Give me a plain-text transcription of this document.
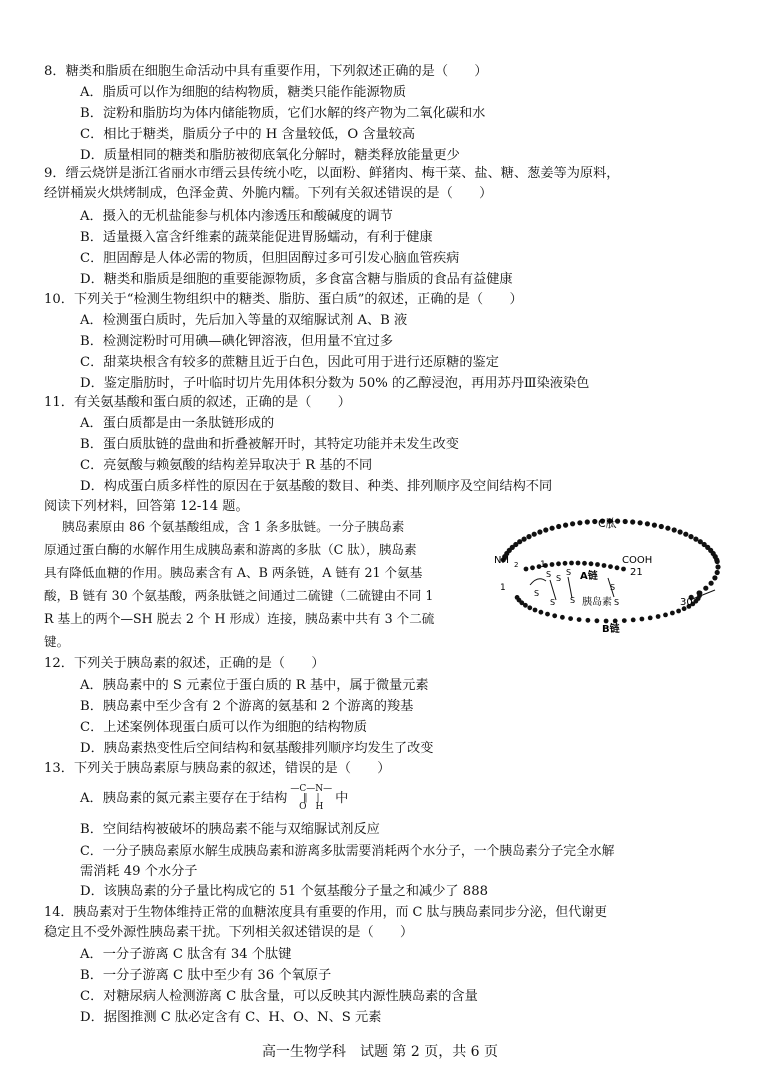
8．糖类和脂质在细胞生命活动中具有重要作用，下列叙述正确的是（　　）
A．脂质可以作为细胞的结构物质，糖类只能作能源物质
B．淀粉和脂肪均为体内储能物质，它们水解的终产物为二氧化碳和水
C．相比于糖类，脂质分子中的 H 含量较低，O 含量较高
D．质量相同的糖类和脂肪被彻底氧化分解时，糖类释放能量更少
9．缙云烧饼是浙江省丽水市缙云县传统小吃，以面粉、鲜猪肉、梅干菜、盐、糖、葱姜等为原料，
经饼桶炭火烘烤制成，色泽金黄、外脆内糯。下列有关叙述错误的是（　　）
A．摄入的无机盐能参与机体内渗透压和酸碱度的调节
B．适量摄入富含纤维素的蔬菜能促进胃肠蠕动，有利于健康
C．胆固醇是人体必需的物质，但胆固醇过多可引发心脑血管疾病
D．糖类和脂质是细胞的重要能源物质，多食富含糖与脂质的食品有益健康
10．下列关于“检测生物组织中的糖类、脂肪、蛋白质”的叙述，正确的是（　　）
A．检测蛋白质时，先后加入等量的双缩脲试剂 A、B 液
B．检测淀粉时可用碘—碘化钾溶液，但用量不宜过多
C．甜菜块根含有较多的蔗糖且近于白色，因此可用于进行还原糖的鉴定
D．鉴定脂肪时，子叶临时切片先用体积分数为 50% 的乙醇浸泡，再用苏丹Ⅲ染液染色
11．有关氨基酸和蛋白质的叙述，正确的是（　　）
A．蛋白质都是由一条肽链形成的
B．蛋白质肽链的盘曲和折叠被解开时，其特定功能并未发生改变
C．亮氨酸与赖氨酸的结构差异取决于 R 基的不同
D．构成蛋白质多样性的原因在于氨基酸的数目、种类、排列顺序及空间结构不同
阅读下列材料，回答第 12-14 题。
胰岛素原由 86 个氨基酸组成，含 1 条多肽链。一分子胰岛素
原通过蛋白酶的水解作用生成胰岛素和游离的多肽（C 肽），胰岛素
具有降低血糖的作用。胰岛素含有 A、B 两条链，A 链有 21 个氨基
酸，B 链有 30 个氨基酸，两条肽链之间通过二硫键（二硫键由不同 1
R 基上的两个—SH 脱去 2 个 H 形成）连接，胰岛素中共有 3 个二硫
键。
C肽
NH 2	COOH
21
1
1
A链
胰岛素
B链
30
S S
S
S S
S
S
S
12．下列关于胰岛素的叙述，正确的是（　　）
A．胰岛素中的 S 元素位于蛋白质的 R 基中，属于微量元素
B．胰岛素中至少含有 2 个游离的氨基和 2 个游离的羧基
C．上述案例体现蛋白质可以作为细胞的结构物质
D．胰岛素热变性后空间结构和氨基酸排列顺序均发生了改变
13．下列关于胰岛素原与胰岛素的叙述，错误的是（　　）
A．胰岛素的氮元素主要存在于结构
—C—N—
‖　|
O　H
中
B．空间结构被破坏的胰岛素不能与双缩脲试剂反应
C．一分子胰岛素原水解生成胰岛素和游离多肽需要消耗两个水分子，一个胰岛素分子完全水解
需消耗 49 个水分子
D．该胰岛素的分子量比构成它的 51 个氨基酸分子量之和减少了 888
14．胰岛素对于生物体维持正常的血糖浓度具有重要的作用，而 C 肽与胰岛素同步分泌，但代谢更
稳定且不受外源性胰岛素干扰。下列相关叙述错误的是（　　）
A．一分子游离 C 肽含有 34 个肽键
B．一分子游离 C 肽中至少有 36 个氧原子
C．对糖尿病人检测游离 C 肽含量，可以反映其内源性胰岛素的含量
D．据图推测 C 肽必定含有 C、H、O、N、S 元素
高一生物学科　试题 第 2 页，共 6 页
